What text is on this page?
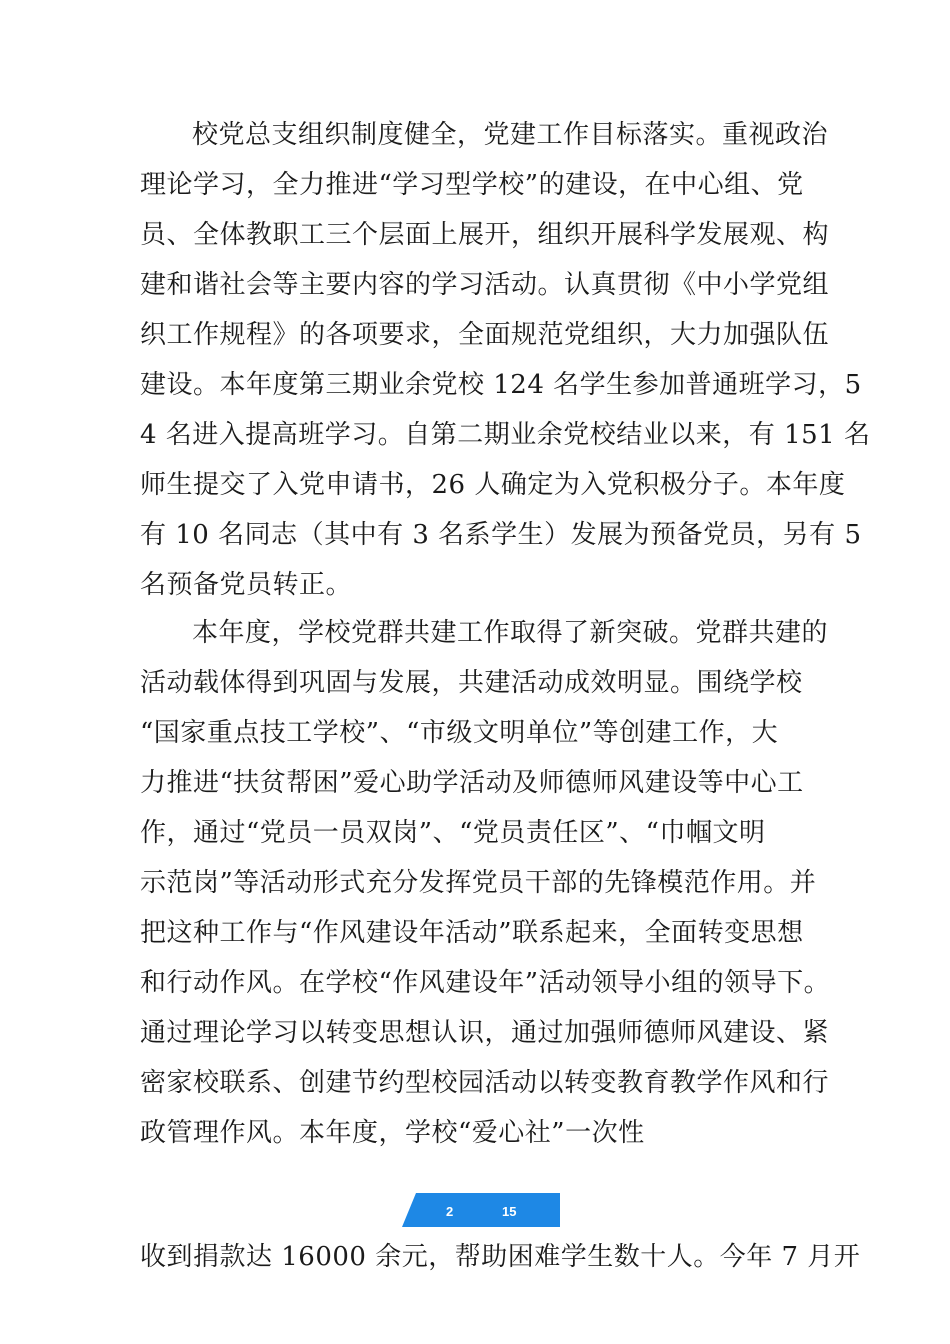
校党总支组织制度健全，党建工作目标落实。重视政治
理论学习，全力推进“学习型学校”的建设，在中心组、党
员、全体教职工三个层面上展开，组织开展科学发展观、构
建和谐社会等主要内容的学习活动。认真贯彻《中小学党组
织工作规程》的各项要求，全面规范党组织，大力加强队伍
建设。本年度第三期业余党校 124 名学生参加普通班学习，5
4 名进入提高班学习。自第二期业余党校结业以来，有 151 名
师生提交了入党申请书，26 人确定为入党积极分子。本年度
有 10 名同志（其中有 3 名系学生）发展为预备党员，另有 5
名预备党员转正。
本年度，学校党群共建工作取得了新突破。党群共建的
活动载体得到巩固与发展，共建活动成效明显。围绕学校
“国家重点技工学校”、“市级文明单位”等创建工作，大
力推进“扶贫帮困”爱心助学活动及师德师风建设等中心工
作，通过“党员一员双岗”、“党员责任区”、“巾帼文明
示范岗”等活动形式充分发挥党员干部的先锋模范作用。并
把这种工作与“作风建设年活动”联系起来，全面转变思想
和行动作风。在学校“作风建设年”活动领导小组的领导下。
通过理论学习以转变思想认识，通过加强师德师风建设、紧
密家校联系、创建节约型校园活动以转变教育教学作风和行
政管理作风。本年度，学校“爱心社”一次性
2	15
收到捐款达 16000 余元，帮助困难学生数十人。今年 7 月开
